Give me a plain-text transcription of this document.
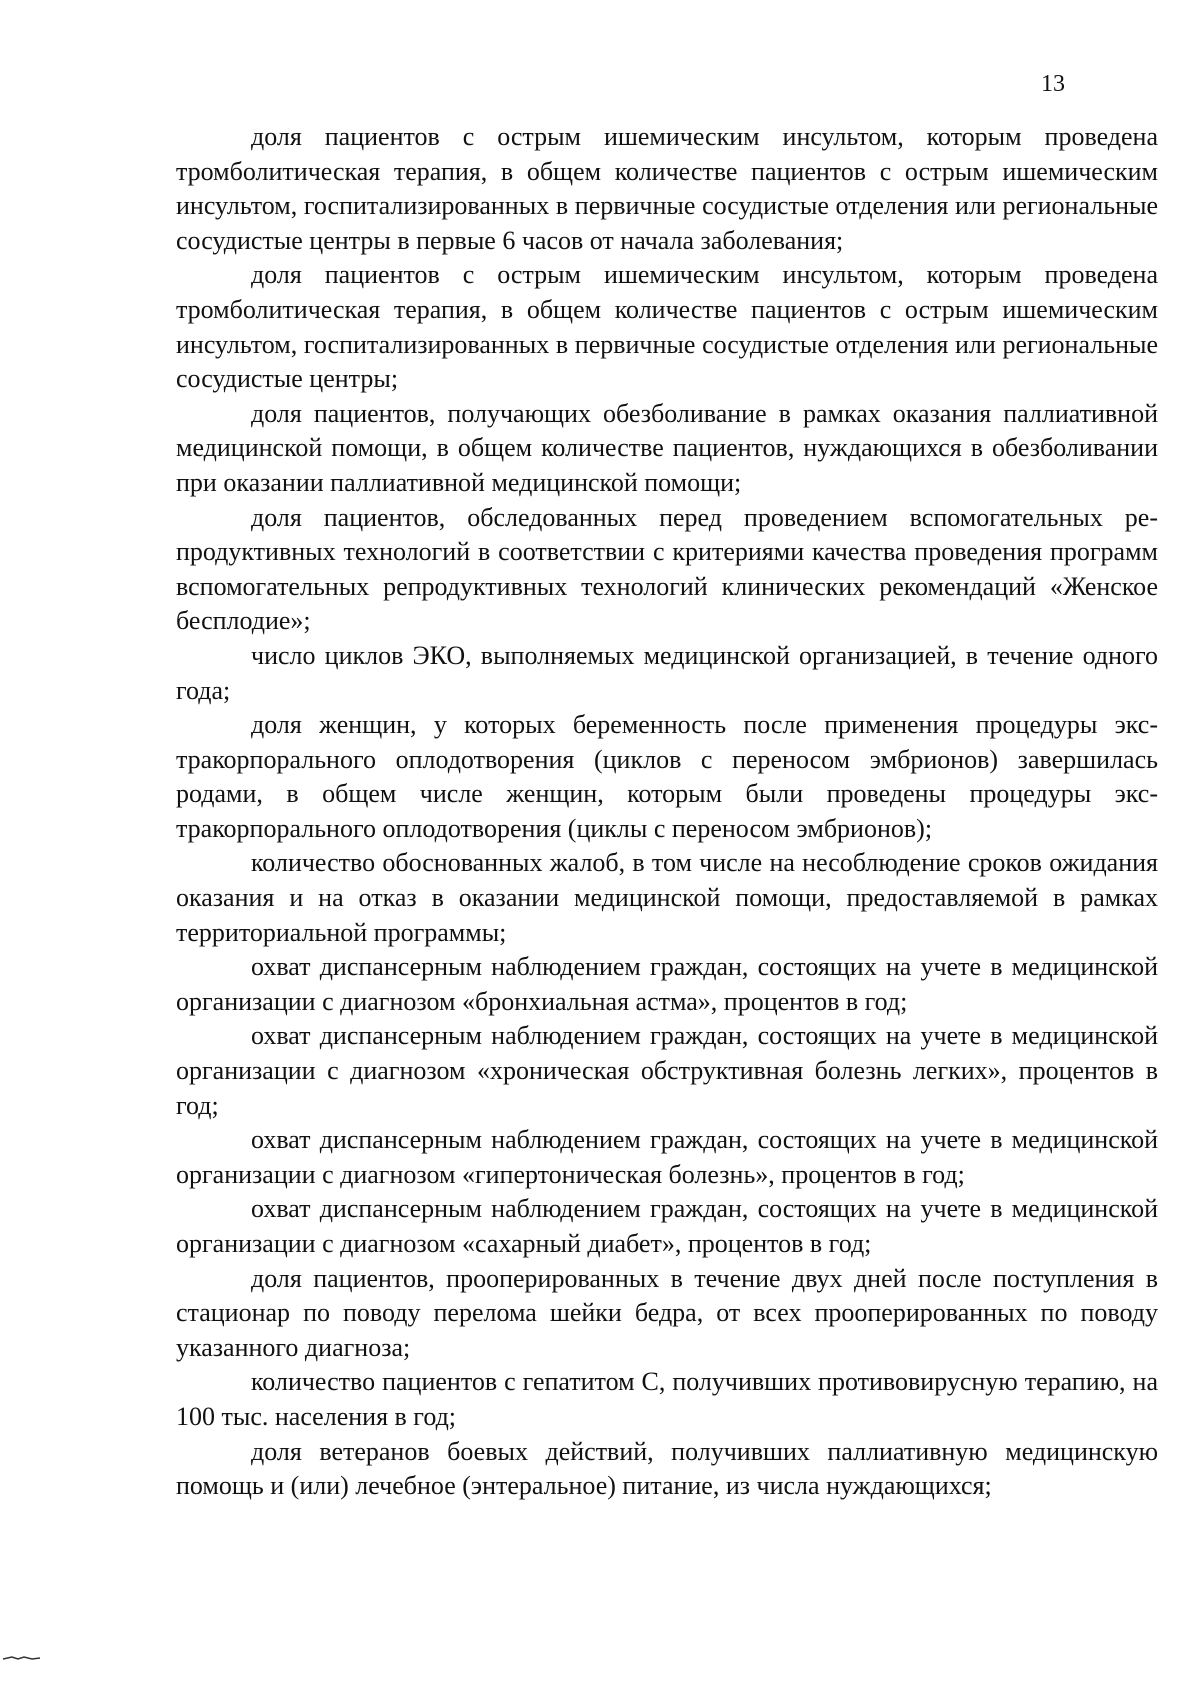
13

доля пациентов с острым ишемическим инсультом, которым проведена тромболитическая терапия, в общем количестве пациентов с острым ишемическим инсультом, госпитализированных в первичные сосудистые отделения или региональные сосудистые центры в первые 6 часов от начала заболевания;

доля пациентов с острым ишемическим инсультом, которым проведена тромболитическая терапия, в общем количестве пациентов с острым ишемическим инсультом, госпитализированных в первичные сосудистые отделения или региональные сосудистые центры;

доля пациентов, получающих обезболивание в рамках оказания паллиативной медицинской помощи, в общем количестве пациентов, нуждающихся в обезболивании при оказании паллиативной медицинской помощи;

доля пациентов, обследованных перед проведением вспомогательных репродуктивных технологий в соответствии с критериями качества проведения программ вспомогательных репродуктивных технологий клинических рекомендаций «Женское бесплодие»;

число циклов ЭКО, выполняемых медицинской организацией, в течение одного года;

доля женщин, у которых беременность после применения процедуры экстракорпорального оплодотворения (циклов с переносом эмбрионов) завершилась родами, в общем числе женщин, которым были проведены процедуры экстракорпорального оплодотворения (циклы с переносом эмбрионов);

количество обоснованных жалоб, в том числе на несоблюдение сроков ожидания оказания и на отказ в оказании медицинской помощи, предоставляемой в рамках территориальной программы;

охват диспансерным наблюдением граждан, состоящих на учете в медицинской организации с диагнозом «бронхиальная астма», процентов в год;

охват диспансерным наблюдением граждан, состоящих на учете в медицинской организации с диагнозом «хроническая обструктивная болезнь легких», процентов в год;

охват диспансерным наблюдением граждан, состоящих на учете в медицинской организации с диагнозом «гипертоническая болезнь», процентов в год;

охват диспансерным наблюдением граждан, состоящих на учете в медицинской организации с диагнозом «сахарный диабет», процентов в год;

доля пациентов, прооперированных в течение двух дней после поступления в стационар по поводу перелома шейки бедра, от всех прооперированных по поводу указанного диагноза;

количество пациентов с гепатитом С, получивших противовирусную терапию, на 100 тыс. населения в год;

доля ветеранов боевых действий, получивших паллиативную медицинскую помощь и (или) лечебное (энтеральное) питание, из числа нуждающихся;
